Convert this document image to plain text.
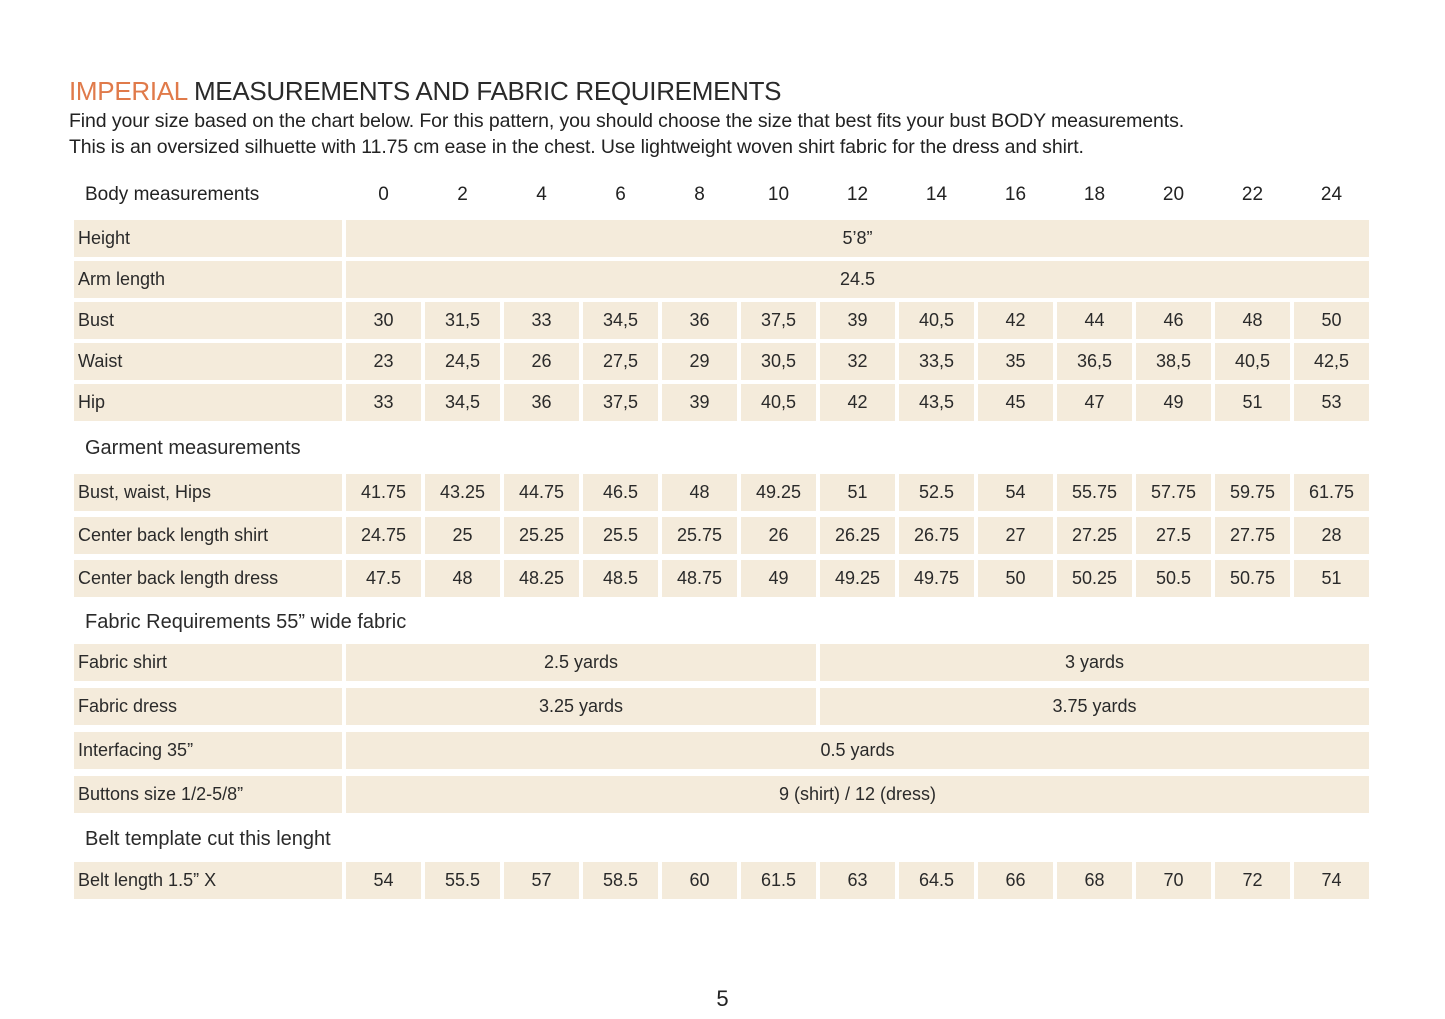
IMPERIAL MEASUREMENTS AND FABRIC REQUIREMENTS
Find your size based on the chart below. For this pattern, you should choose the size that best fits your bust BODY measurements.
This is an oversized silhuette with 11.75 cm ease in the chest. Use lightweight woven shirt fabric for the dress and shirt.
Body measurements	0	2	4	6	8	10	12	14	16	18	20	22	24
Height	5’8”
Arm length	24.5
Bust	30	31,5	33	34,5	36	37,5	39	40,5	42	44	46	48	50
Waist	23	24,5	26	27,5	29	30,5	32	33,5	35	36,5	38,5	40,5	42,5
Hip	33	34,5	36	37,5	39	40,5	42	43,5	45	47	49	51	53
Garment measurements
Bust, waist, Hips	41.75	43.25	44.75	46.5	48	49.25	51	52.5	54	55.75	57.75	59.75	61.75
Center back length shirt	24.75	25	25.25	25.5	25.75	26	26.25	26.75	27	27.25	27.5	27.75	28
Center back length dress	47.5	48	48.25	48.5	48.75	49	49.25	49.75	50	50.25	50.5	50.75	51
Fabric Requirements 55” wide fabric
Fabric shirt	2.5 yards	3 yards
Fabric dress	3.25 yards	3.75 yards
Interfacing 35”	0.5 yards
Buttons size 1/2-5/8”	9 (shirt) / 12 (dress)
Belt template cut this lenght
Belt length 1.5” X	54	55.5	57	58.5	60	61.5	63	64.5	66	68	70	72	74
5
